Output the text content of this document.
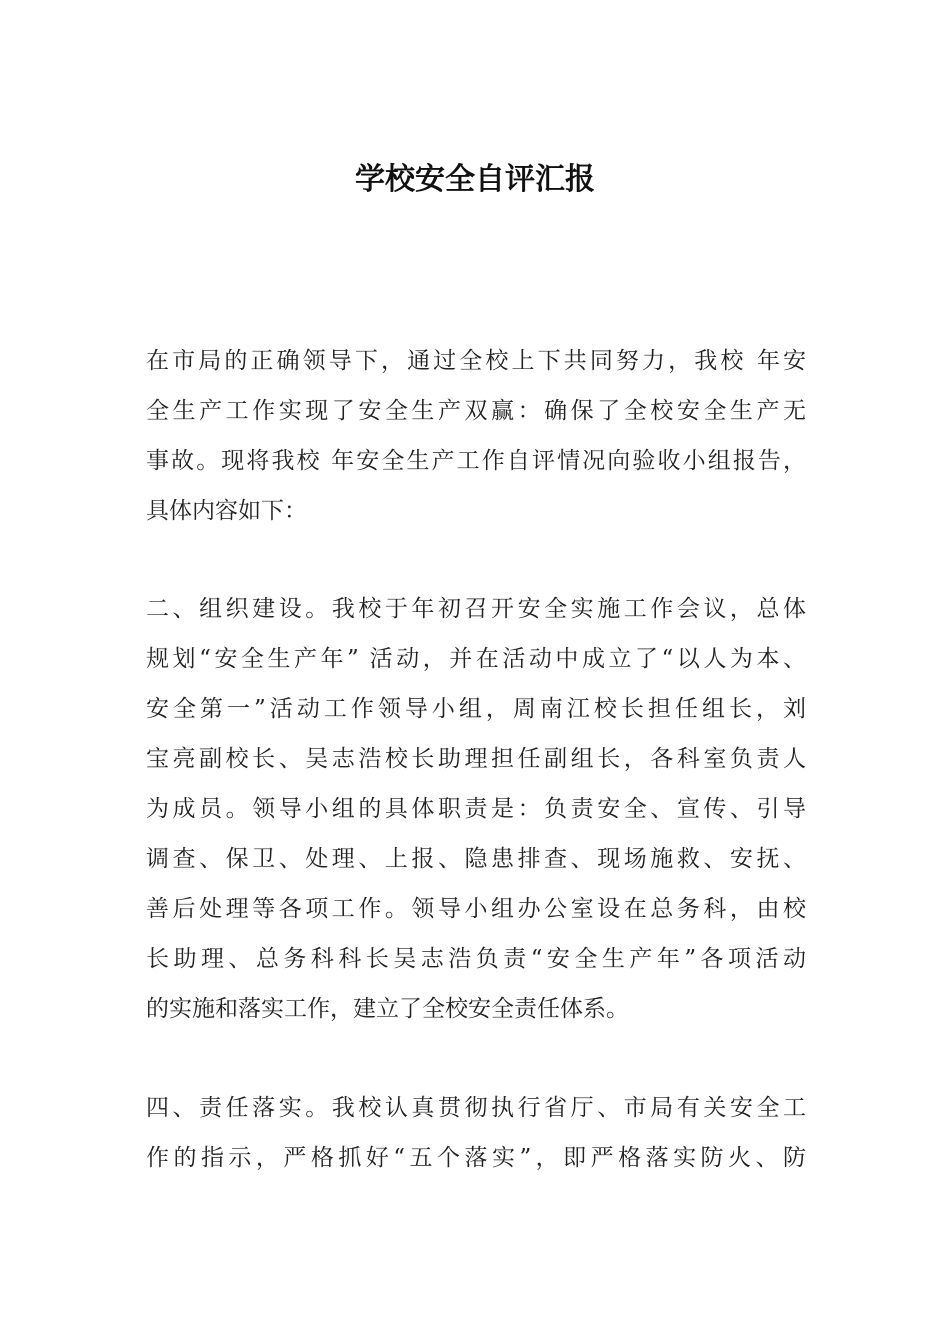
学校安全自评汇报
在市局的正确领导下，通过全校上下共同努力，我校 年安
全生产工作实现了安全生产双赢：确保了全校安全生产无
事故。现将我校 年安全生产工作自评情况向验收小组报告，
具体内容如下：
二、组织建设。我校于年初召开安全实施工作会议，总体
规划“安全生产年” 活动，并在活动中成立了“以人为本、
安全第一”活动工作领导小组，周南江校长担任组长，刘
宝亮副校长、吴志浩校长助理担任副组长，各科室负责人
为成员。领导小组的具体职责是：负责安全、宣传、引导
调查、保卫、处理、上报、隐患排查、现场施救、安抚、
善后处理等各项工作。领导小组办公室设在总务科，由校
长助理、总务科科长吴志浩负责“安全生产年”各项活动
的实施和落实工作，建立了全校安全责任体系。
四、责任落实。我校认真贯彻执行省厅、市局有关安全工
作的指示，严格抓好“五个落实”，即严格落实防火、防
